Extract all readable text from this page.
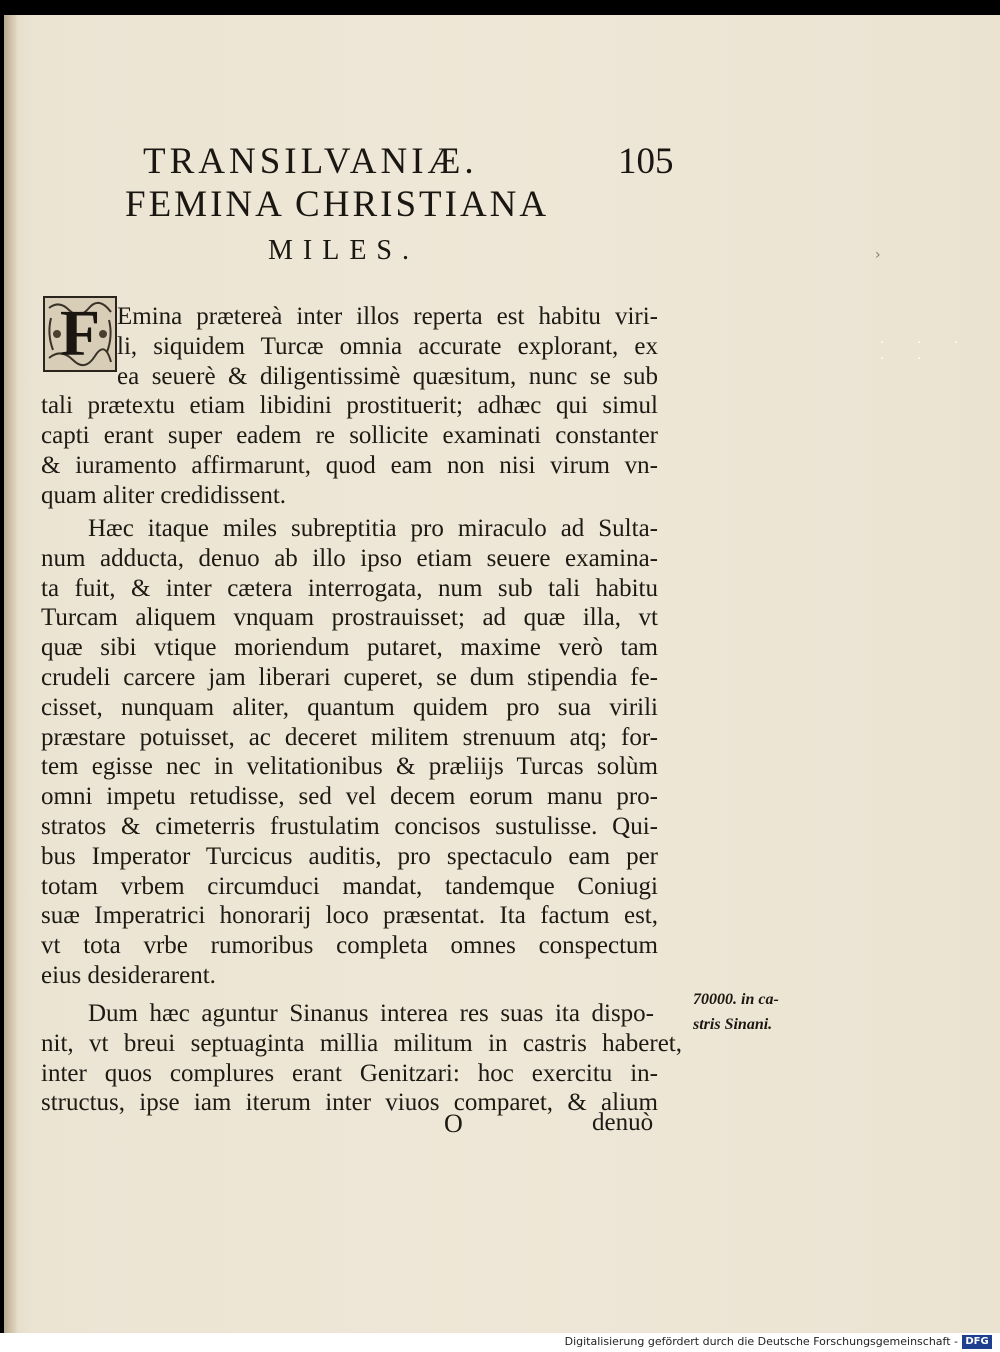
TRANSILVANIÆ.	105
FEMINA CHRISTIANA
MILES.	›
F Emina prætereà inter illos reperta est habitu viri-
li, siquidem Turcæ omnia accurate explorant, ex
ea seuerè & diligentissimè quæsitum, nunc se sub
tali prætextu etiam libidini prostituerit; adhæc qui simul
capti erant super eadem re sollicite examinati constanter
& iuramento affirmarunt, quod eam non nisi virum vn-
quam aliter credidissent.
Hæc itaque miles subreptitia pro miraculo ad Sulta-
num adducta, denuo ab illo ipso etiam seuere examina-
ta fuit, & inter cætera interrogata, num sub tali habitu
Turcam aliquem vnquam prostrauisset; ad quæ illa, vt
quæ sibi vtique moriendum putaret, maxime verò tam
crudeli carcere jam liberari cuperet, se dum stipendia fe-
cisset, nunquam aliter, quantum quidem pro sua virili
præstare potuisset, ac deceret militem strenuum atq; for-
tem egisse nec in velitationibus & præliijs Turcas solùm
omni impetu retudisse, sed vel decem eorum manu pro-
stratos & cimeterris frustulatim concisos sustulisse. Qui-
bus Imperator Turcicus auditis, pro spectaculo eam per
totam vrbem circumduci mandat, tandemque Coniugi
suæ Imperatrici honorarij loco præsentat. Ita factum est,
vt tota vrbe rumoribus completa omnes conspectum
eius desiderarent.
Dum hæc aguntur Sinanus interea res suas ita dispo-
nit, vt breui septuaginta millia militum in castris haberet,
inter quos complures erant Genitzari: hoc exercitu in-
structus, ipse iam iterum inter viuos comparet, & alium
70000. in ca-
stris Sinani.
O	denuò
· · · · ·
Digitalisierung gefördert durch die Deutsche Forschungsgemeinschaft - DFG
